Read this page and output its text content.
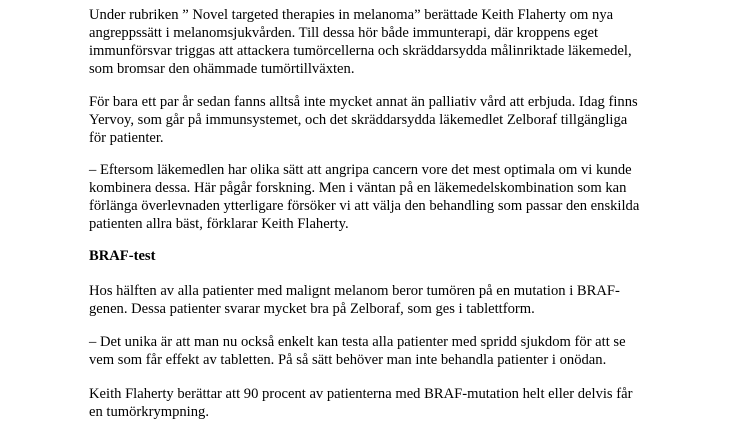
Under rubriken ” Novel targeted therapies in melanoma” berättade Keith Flaherty om nya
angreppssätt i melanomsjukvården. Till dessa hör både immunterapi, där kroppens eget
immunförsvar triggas att attackera tumörcellerna och skräddarsydda målinriktade läkemedel,
som bromsar den ohämmade tumörtillväxten.
För bara ett par år sedan fanns alltså inte mycket annat än palliativ vård att erbjuda. Idag finns
Yervoy, som går på immunsystemet, och det skräddarsydda läkemedlet Zelboraf tillgängliga
för patienter.
– Eftersom läkemedlen har olika sätt att angripa cancern vore det mest optimala om vi kunde
kombinera dessa. Här pågår forskning. Men i väntan på en läkemedelskombination som kan
förlänga överlevnaden ytterligare försöker vi att välja den behandling som passar den enskilda
patienten allra bäst, förklarar Keith Flaherty.
BRAF-test
Hos hälften av alla patienter med malignt melanom beror tumören på en mutation i BRAF-
genen. Dessa patienter svarar mycket bra på Zelboraf, som ges i tablettform.
– Det unika är att man nu också enkelt kan testa alla patienter med spridd sjukdom för att se
vem som får effekt av tabletten. På så sätt behöver man inte behandla patienter i onödan.
Keith Flaherty berättar att 90 procent av patienterna med BRAF-mutation helt eller delvis får
en tumörkrympning.
